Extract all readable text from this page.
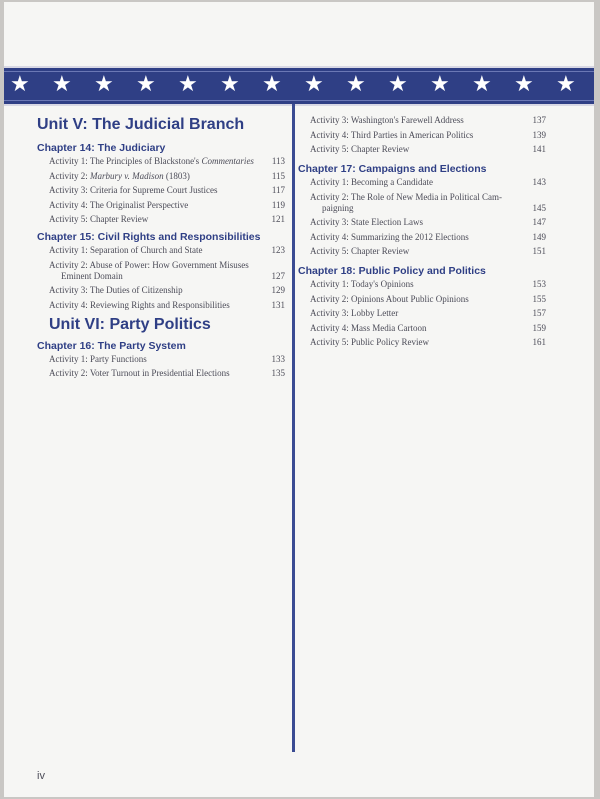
★ ★ ★ ★ ★ ★ ★ ★ ★ ★ ★ ★ ★ ★
Unit V: The Judicial Branch
Chapter 14: The Judiciary
Activity 1: The Principles of Blackstone's Commentaries	113
Activity 2: Marbury v. Madison (1803)	115
Activity 3: Criteria for Supreme Court Justices	117
Activity 4: The Originalist Perspective	119
Activity 5: Chapter Review	121
Chapter 15: Civil Rights and Responsibilities
Activity 1: Separation of Church and State	123
Activity 2: Abuse of Power: How Government Misuses
Eminent Domain	127
Activity 3: The Duties of Citizenship	129
Activity 4: Reviewing Rights and Responsibilities	131
Unit VI: Party Politics
Chapter 16: The Party System
Activity 1: Party Functions	133
Activity 2: Voter Turnout in Presidential Elections	135
Activity 3: Washington's Farewell Address	137
Activity 4: Third Parties in American Politics	139
Activity 5: Chapter Review	141
Chapter 17: Campaigns and Elections
Activity 1: Becoming a Candidate	143
Activity 2: The Role of New Media in Political Cam-
paigning	145
Activity 3: State Election Laws	147
Activity 4: Summarizing the 2012 Elections	149
Activity 5: Chapter Review	151
Chapter 18: Public Policy and Politics
Activity 1: Today's Opinions	153
Activity 2: Opinions About Public Opinions	155
Activity 3: Lobby Letter	157
Activity 4: Mass Media Cartoon	159
Activity 5: Public Policy Review	161
iv
